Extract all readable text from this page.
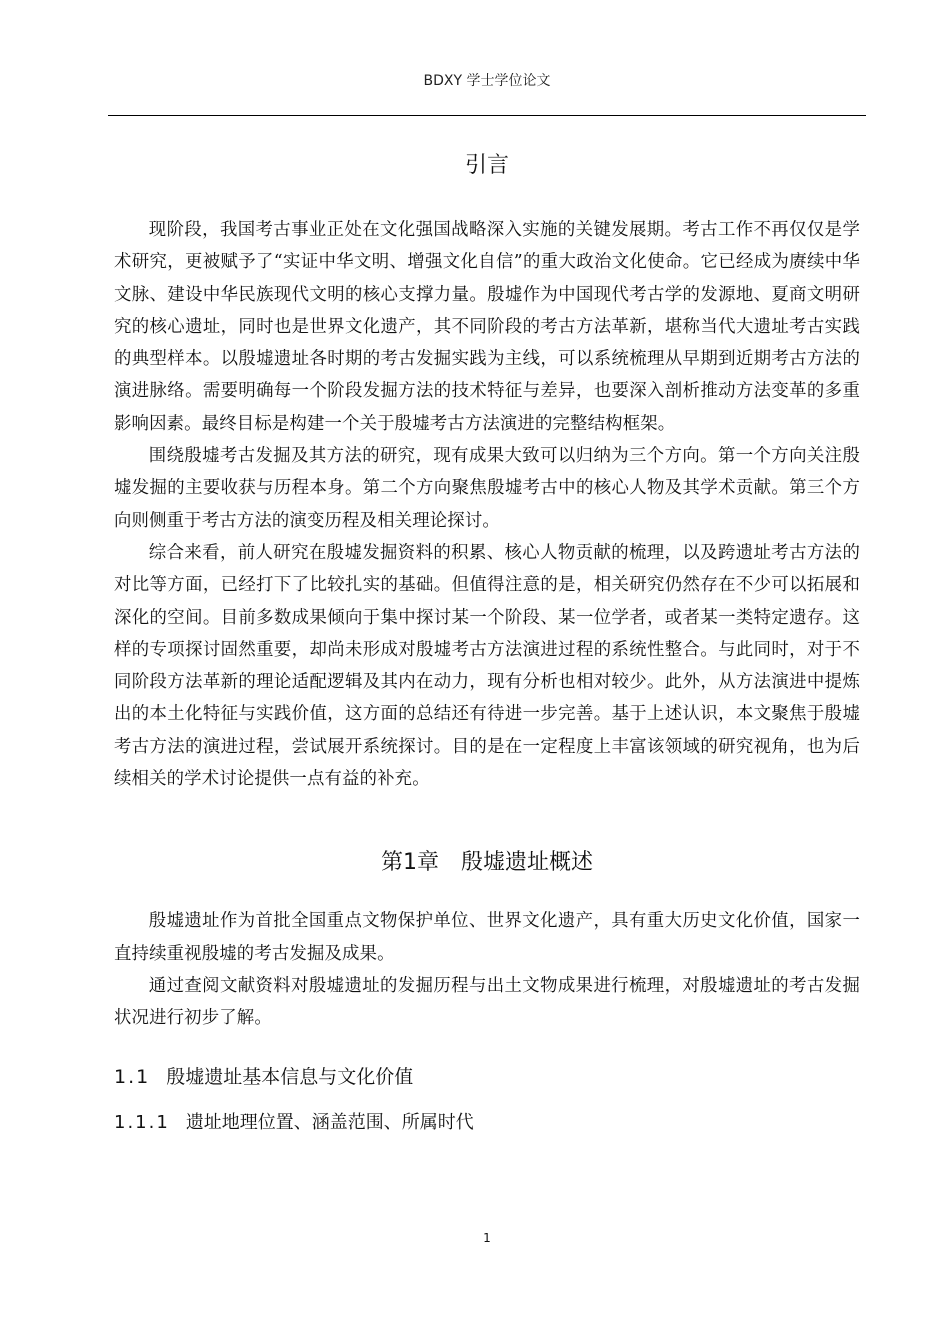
BDXY 学士学位论文
引言

现阶段，我国考古事业正处在文化强国战略深入实施的关键发展期。考古工作不再仅仅是学术研究，更被赋予了“实证中华文明、增强文化自信”的重大政治文化使命。它已经成为赓续中华文脉、建设中华民族现代文明的核心支撑力量。殷墟作为中国现代考古学的发源地、夏商文明研究的核心遗址，同时也是世界文化遗产，其不同阶段的考古方法革新，堪称当代大遗址考古实践的典型样本。以殷墟遗址各时期的考古发掘实践为主线，可以系统梳理从早期到近期考古方法的演进脉络。需要明确每一个阶段发掘方法的技术特征与差异，也要深入剖析推动方法变革的多重影响因素。最终目标是构建一个关于殷墟考古方法演进的完整结构框架。

围绕殷墟考古发掘及其方法的研究，现有成果大致可以归纳为三个方向。第一个方向关注殷墟发掘的主要收获与历程本身。第二个方向聚焦殷墟考古中的核心人物及其学术贡献。第三个方向则侧重于考古方法的演变历程及相关理论探讨。

综合来看，前人研究在殷墟发掘资料的积累、核心人物贡献的梳理，以及跨遗址考古方法的对比等方面，已经打下了比较扎实的基础。但值得注意的是，相关研究仍然存在不少可以拓展和深化的空间。目前多数成果倾向于集中探讨某一个阶段、某一位学者，或者某一类特定遗存。这样的专项探讨固然重要，却尚未形成对殷墟考古方法演进过程的系统性整合。与此同时，对于不同阶段方法革新的理论适配逻辑及其内在动力，现有分析也相对较少。此外，从方法演进中提炼出的本土化特征与实践价值，这方面的总结还有待进一步完善。基于上述认识，本文聚焦于殷墟考古方法的演进过程，尝试展开系统探讨。目的是在一定程度上丰富该领域的研究视角，也为后续相关的学术讨论提供一点有益的补充。

第1章　殷墟遗址概述

殷墟遗址作为首批全国重点文物保护单位、世界文化遗产，具有重大历史文化价值，国家一直持续重视殷墟的考古发掘及成果。

通过查阅文献资料对殷墟遗址的发掘历程与出土文物成果进行梳理，对殷墟遗址的考古发掘状况进行初步了解。

1.1 殷墟遗址基本信息与文化价值
1.1.1 遗址地理位置、涵盖范围、所属时代
1
